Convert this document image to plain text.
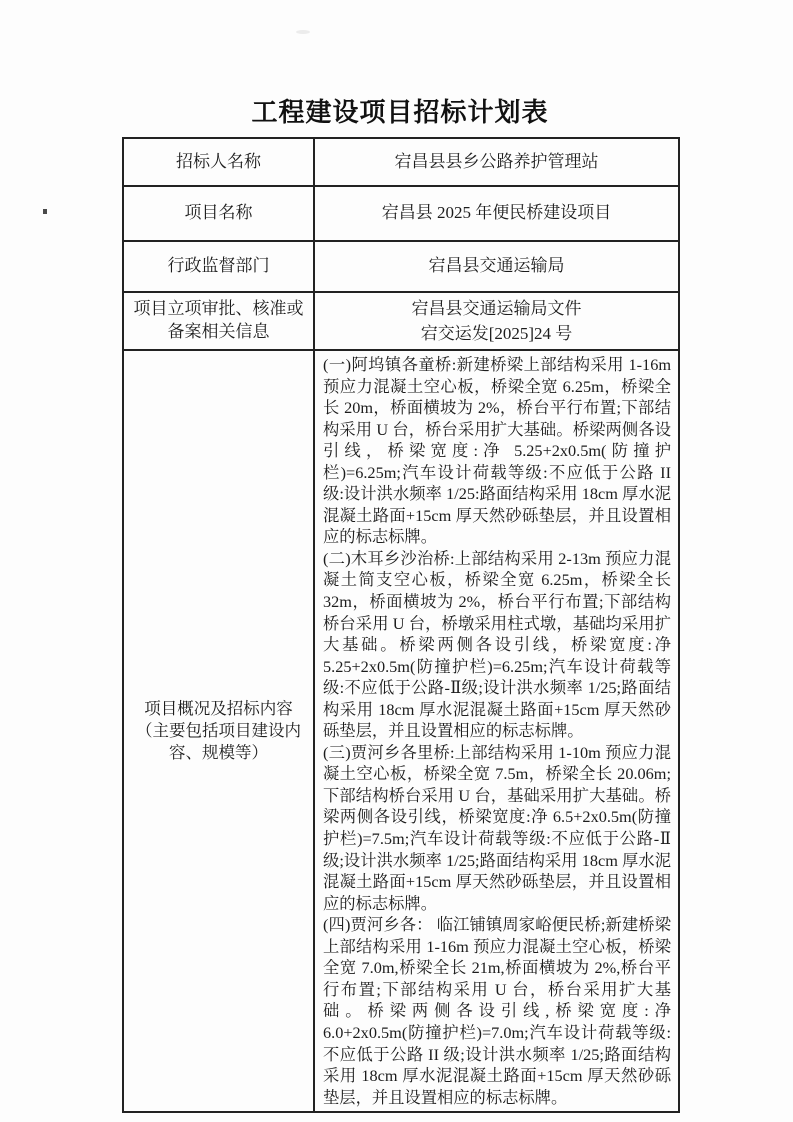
工程建设项目招标计划表
招标人名称	宕昌县县乡公路养护管理站
项目名称	宕昌县 2025 年便民桥建设项目
行政监督部门	宕昌县交通运输局
项目立项审批、核准或备案相关信息	宕昌县交通运输局文件
宕交运发[2025]24 号

项目概况及招标内容（主要包括项目建设内容、规模等）	(一)阿坞镇各童桥:新建桥梁上部结构采用 1-16m 预应力混凝土空心板，桥梁全宽 6.25m，桥梁全长 20m，桥面横坡为 2%，桥台平行布置;下部结构采用 U 台，桥台采用扩大基础。桥梁两侧各设引线，桥梁宽度:净 5.25+2x0.5m(防撞护栏)=6.25m;汽车设计荷载等级:不应低于公路 II 级:设计洪水频率 1/25:路面结构采用 18cm 厚水泥混凝土路面+15cm 厚天然砂砾垫层，并且设置相应的标志标牌。

(二)木耳乡沙治桥:上部结构采用 2-13m 预应力混凝土简支空心板，桥梁全宽 6.25m，桥梁全长 32m，桥面横坡为 2%，桥台平行布置;下部结构桥台采用 U 台，桥墩采用柱式墩，基础均采用扩大基础。桥梁两侧各设引线，桥梁宽度:净 5.25+2x0.5m(防撞护栏)=6.25m;汽车设计荷载等级:不应低于公路-Ⅱ级;设计洪水频率 1/25;路面结构采用 18cm 厚水泥混凝土路面+15cm 厚天然砂砾垫层，并且设置相应的标志标牌。

(三)贾河乡各里桥:上部结构采用 1-10m 预应力混凝土空心板，桥梁全宽 7.5m，桥梁全长 20.06m;下部结构桥台采用 U 台，基础采用扩大基础。桥梁两侧各设引线，桥梁宽度:净 6.5+2x0.5m(防撞护栏)=7.5m;汽车设计荷载等级:不应低于公路-Ⅱ级;设计洪水频率 1/25;路面结构采用 18cm 厚水泥混凝土路面+15cm 厚天然砂砾垫层，并且设置相应的标志标牌。

(四)贾河乡各： 临江铺镇周家峪便民桥;新建桥梁上部结构采用 1-16m 预应力混凝土空心板，桥梁全宽 7.0m,桥梁全长 21m,桥面横坡为 2%,桥台平行布置;下部结构采用 U 台，桥台采用扩大基础。桥梁两侧各设引线,桥梁宽度:净 6.0+2x0.5m(防撞护栏)=7.0m;汽车设计荷载等级:不应低于公路 II 级;设计洪水频率 1/25;路面结构采用 18cm 厚水泥混凝土路面+15cm 厚天然砂砾垫层，并且设置相应的标志标牌。
